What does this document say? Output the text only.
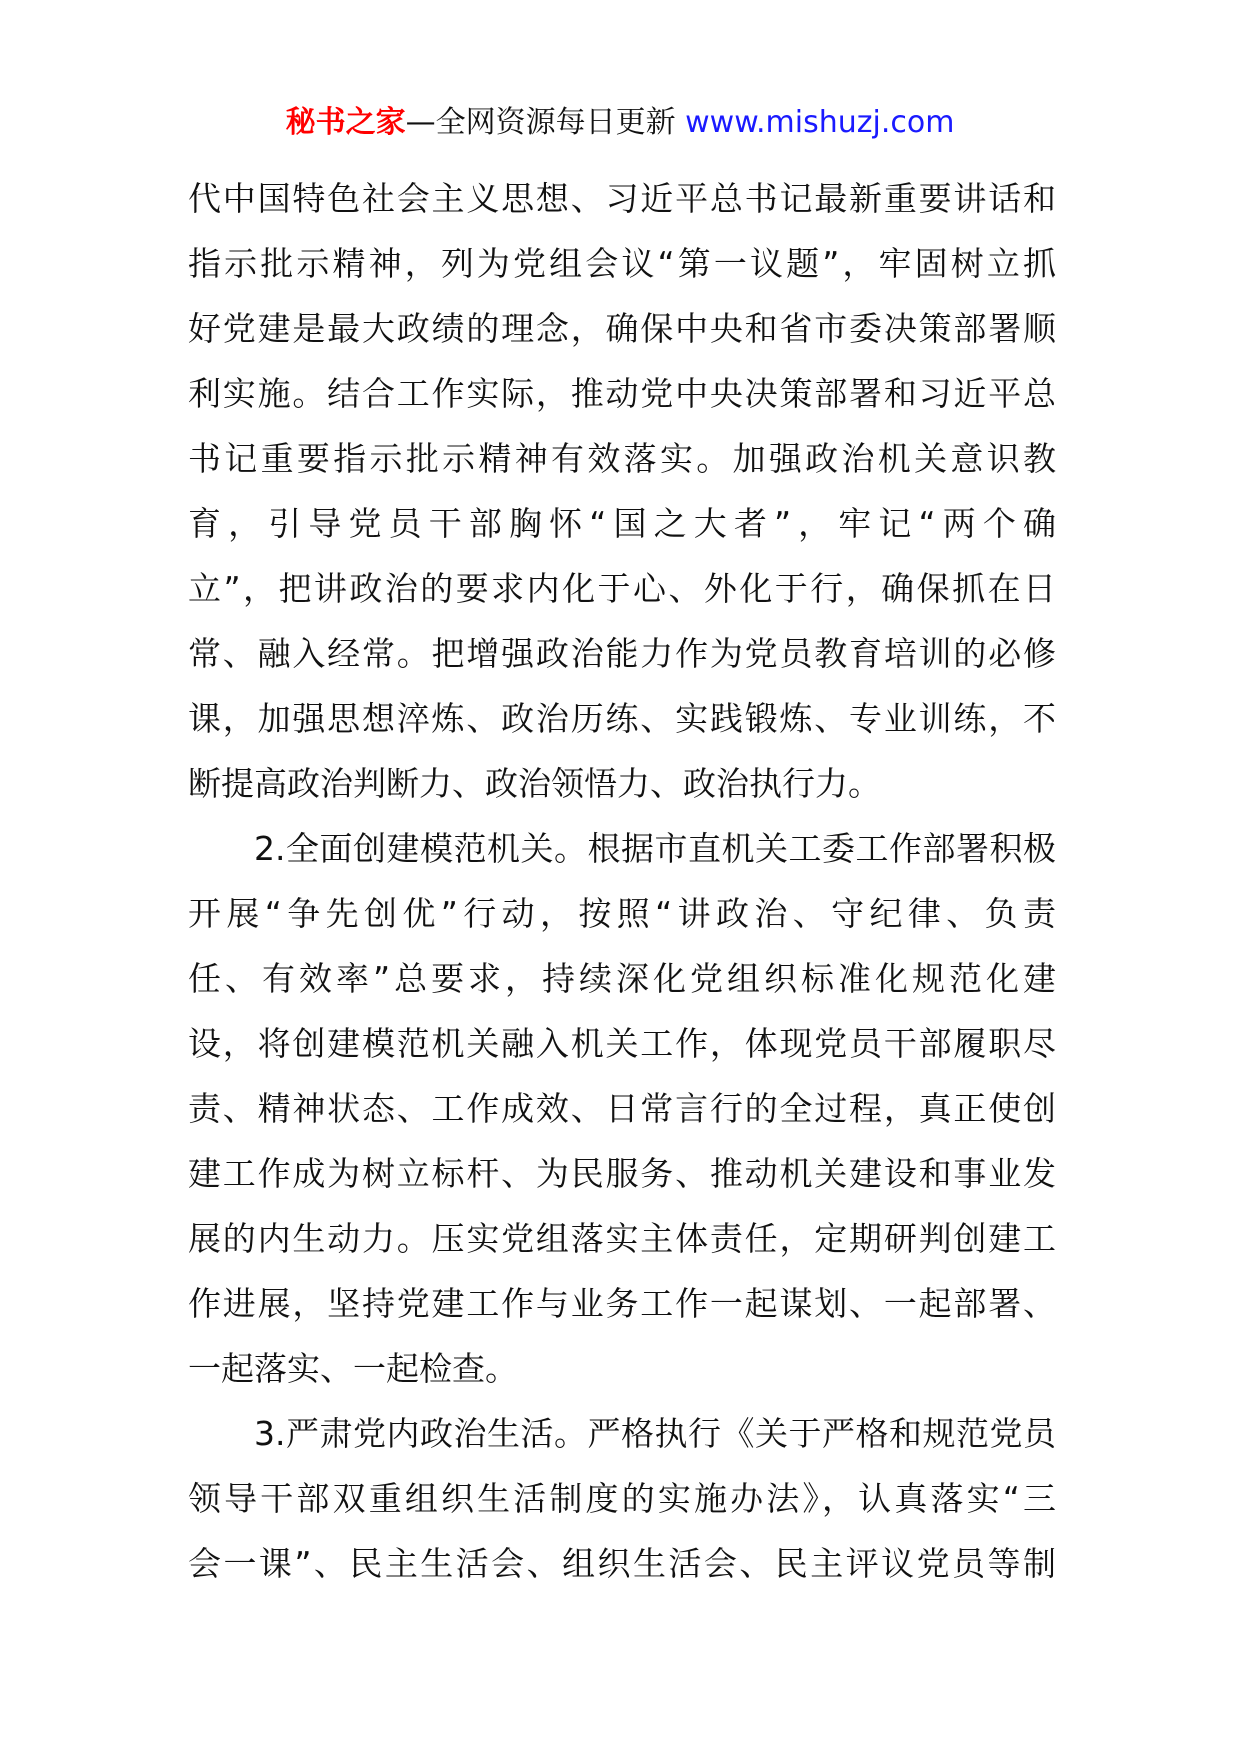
秘书之家—全网资源每日更新 www.mishuzj.com
代中国特色社会主义思想、习近平总书记最新重要讲话和
指示批示精神，列为党组会议“第一议题”，牢固树立抓
好党建是最大政绩的理念，确保中央和省市委决策部署顺
利实施。结合工作实际，推动党中央决策部署和习近平总
书记重要指示批示精神有效落实。加强政治机关意识教
育，引导党员干部胸怀“国之大者”，牢记“两个确
立”，把讲政治的要求内化于心、外化于行，确保抓在日
常、融入经常。把增强政治能力作为党员教育培训的必修
课，加强思想淬炼、政治历练、实践锻炼、专业训练，不
断提高政治判断力、政治领悟力、政治执行力。
2.全面创建模范机关。根据市直机关工委工作部署积极
开展“争先创优”行动，按照“讲政治、守纪律、负责
任、有效率”总要求，持续深化党组织标准化规范化建
设，将创建模范机关融入机关工作，体现党员干部履职尽
责、精神状态、工作成效、日常言行的全过程，真正使创
建工作成为树立标杆、为民服务、推动机关建设和事业发
展的内生动力。压实党组落实主体责任，定期研判创建工
作进展，坚持党建工作与业务工作一起谋划、一起部署、
一起落实、一起检查。
3.严肃党内政治生活。严格执行《关于严格和规范党员
领导干部双重组织生活制度的实施办法》，认真落实“三
会一课”、民主生活会、组织生活会、民主评议党员等制
